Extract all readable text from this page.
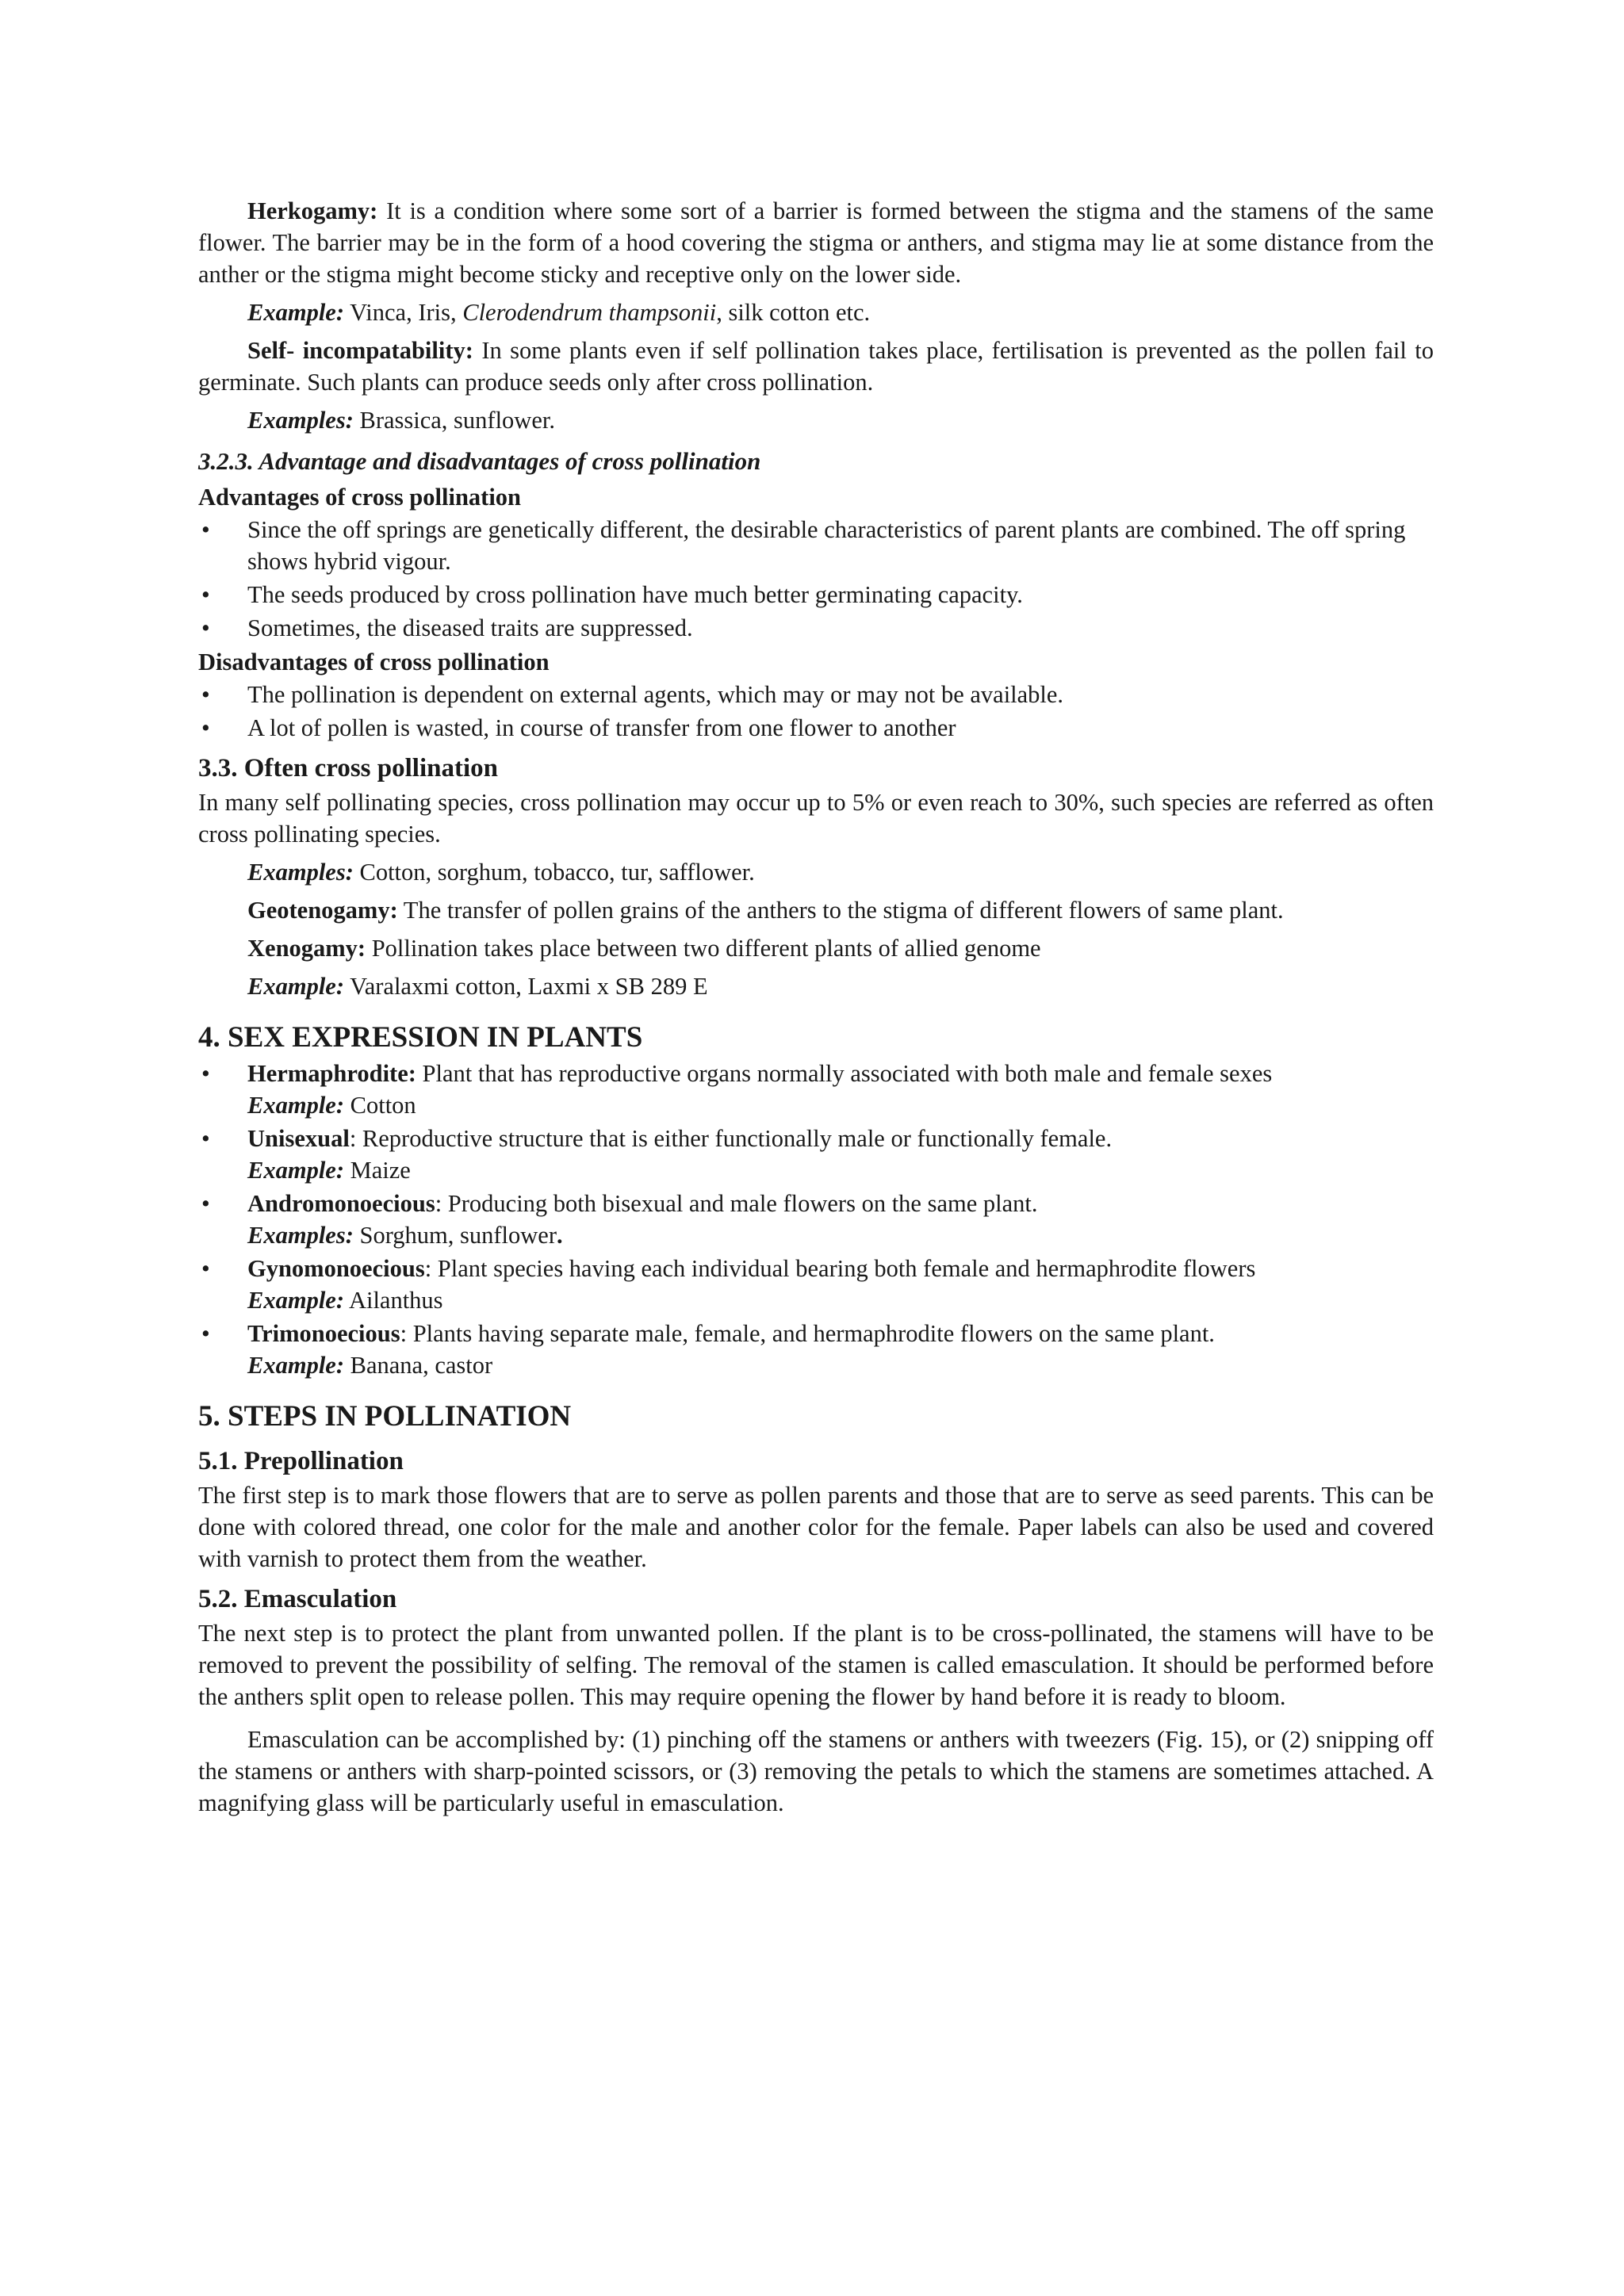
Herkogamy: It is a condition where some sort of a barrier is formed between the stigma and the stamens of the same flower. The barrier may be in the form of a hood covering the stigma or anthers, and stigma may lie at some distance from the anther or the stigma might become sticky and receptive only on the lower side.

Example: Vinca, Iris, Clerodendrum thampsonii, silk cotton etc.

Self- incompatability: In some plants even if self pollination takes place, fertilisation is prevented as the pollen fail to germinate. Such plants can produce seeds only after cross pollination.

Examples: Brassica, sunflower.

3.2.3. Advantage and disadvantages of cross pollination
Advantages of cross pollination
• Since the off springs are genetically different, the desirable characteristics of parent plants are combined. The off spring shows hybrid vigour.
• The seeds produced by cross pollination have much better germinating capacity.
• Sometimes, the diseased traits are suppressed.
Disadvantages of cross pollination
• The pollination is dependent on external agents, which may or may not be available.
• A lot of pollen is wasted, in course of transfer from one flower to another
3.3. Often cross pollination

In many self pollinating species, cross pollination may occur up to 5% or even reach to 30%, such species are referred as often cross pollinating species.

Examples: Cotton, sorghum, tobacco, tur, safflower.

Geotenogamy: The transfer of pollen grains of the anthers to the stigma of different flowers of same plant.

Xenogamy: Pollination takes place between two different plants of allied genome

Example: Varalaxmi cotton, Laxmi x SB 289 E

4. SEX EXPRESSION IN PLANTS
• Hermaphrodite: Plant that has reproductive organs normally associated with both male and female sexes
Example: Cotton
• Unisexual: Reproductive structure that is either functionally male or functionally female.
Example: Maize
• Andromonoecious: Producing both bisexual and male flowers on the same plant.
Examples: Sorghum, sunflower.
• Gynomonoecious: Plant species having each individual bearing both female and hermaphrodite flowers
Example: Ailanthus
• Trimonoecious: Plants having separate male, female, and hermaphrodite flowers on the same plant.
Example: Banana, castor
5. STEPS IN POLLINATION
5.1. Prepollination

The first step is to mark those flowers that are to serve as pollen parents and those that are to serve as seed parents. This can be done with colored thread, one color for the male and another color for the female. Paper labels can also be used and covered with varnish to protect them from the weather.

5.2. Emasculation

The next step is to protect the plant from unwanted pollen. If the plant is to be cross-pollinated, the stamens will have to be removed to prevent the possibility of selfing. The removal of the stamen is called emasculation. It should be performed before the anthers split open to release pollen. This may require opening the flower by hand before it is ready to bloom.

Emasculation can be accomplished by: (1) pinching off the stamens or anthers with tweezers (Fig. 15), or (2) snipping off the stamens or anthers with sharp-pointed scissors, or (3) removing the petals to which the stamens are sometimes attached. A magnifying glass will be particularly useful in emasculation.
